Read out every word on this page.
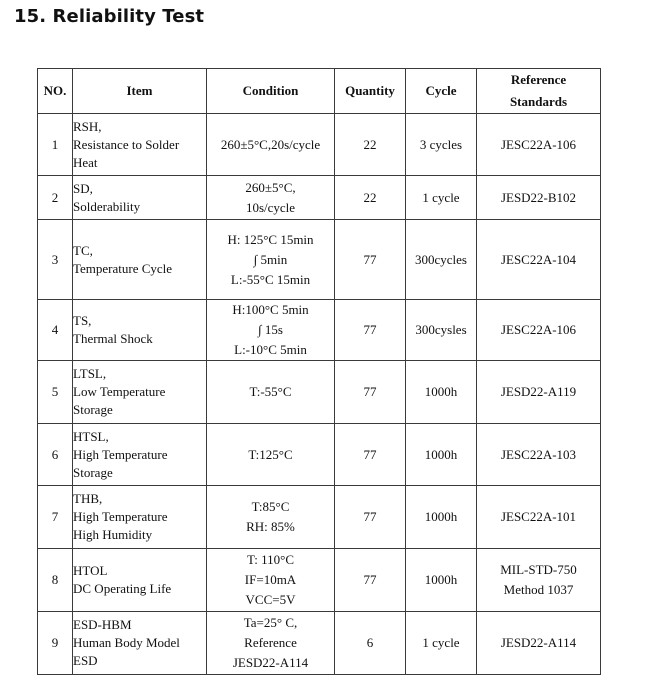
15. Reliability Test
NO.	Item	Condition	Quantity	Cycle	Reference
Standards

1	RSH,
Resistance to Solder
Heat	260±5°C,20s/cycle	22	3 cycles	JESC22A-106

2	SD,
Solderability	260±5°C,
10s/cycle	22	1 cycle	JESD22-B102

3	TC,
Temperature Cycle	H: 125°C 15min
∫ 5min
L:-55°C 15min	77	300cycles	JESC22A-104

4	TS,
Thermal Shock	H:100°C 5min
∫ 15s
L:-10°C 5min	77	300cysles	JESC22A-106

5	LTSL,
Low Temperature
Storage	T:-55°C	77	1000h	JESD22-A119

6	HTSL,
High Temperature
Storage	T:125°C	77	1000h	JESC22A-103

7	THB,
High Temperature
High Humidity	T:85°C
RH: 85%	77	1000h	JESC22A-101

8	HTOL
DC Operating Life	T: 110°C
IF=10mA
VCC=5V	77	1000h	MIL-STD-750
Method 1037

9	ESD-HBM
Human Body Model
ESD	Ta=25° C,
Reference
JESD22-A114	6	1 cycle	JESD22-A114
